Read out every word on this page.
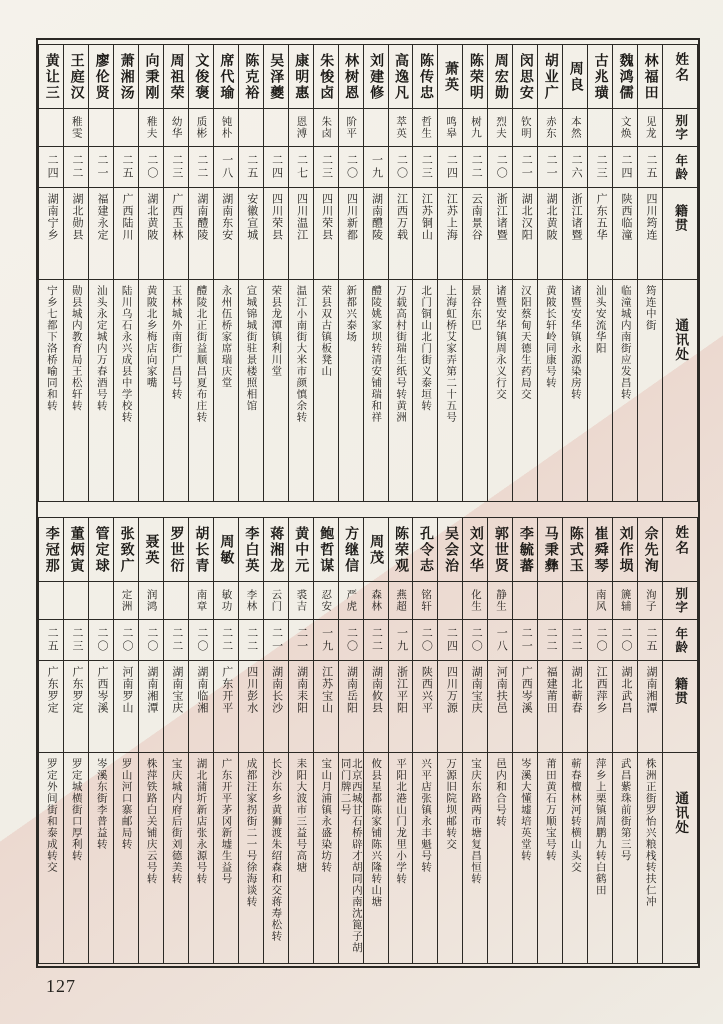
姓名
别字
年龄
籍贯
通讯处
林福田
见龙
二五
四川筠连
筠连中街
魏鸿儒
文焕
二四
陕西临潼
临潼城内南街应发昌转
古兆璜
二三
广东五华
汕头安流华阳
周良
本然
二六
浙江诸暨
诸暨安华镇永源染房转
胡业广
赤东
二一
湖北黄陂
黄陂长轩岭同康号转
闵思安
钦明
二一
湖北汉阳
汉阳蔡甸天德生药局交
周宏勋
烈夫
二〇
浙江诸暨
诸暨安华镇周永义行交
陈荣明
树九
二二
云南景谷
景谷东巴
萧英
鸣皋
二四
江苏上海
上海虹桥艾家弄第二十五号
陈传忠
哲生
二三
江苏铜山
北门铜山北门街义泰垣转
高逸凡
萃英
二〇
江西万载
万载高村街瑞生纸号转黄洲
刘建修
一九
湖南醴陵
醴陵姚家坝转清安铺瑞和祥
林树恩
阶平
二〇
四川新都
新都兴泰场
朱悛卤
朱卤
二三
四川荣县
荣县双古镇板凳山
康明惠
恩溥
二七
四川温江
温江小南街大米市颜慎余转
吴泽夔
二四
四川荣县
荣县龙潭镇利川堂
陈克裕
二五
安徽宣城
宣城锦城街驻景楼照相馆
席代瑜
钝朴
一八
湖南东安
永州伍桥家席瑞庆堂
文俊褒
质彬
二二
湖南醴陵
醴陵北正街益顺昌夏布庄转
周祖荣
幼华
二三
广西玉林
玉林城外南街广昌号转
向秉刚
稚夫
二〇
湖北黄陂
黄陂北乡梅店向家嘴
萧湘汤
二五
广西陆川
陆川乌石永兴成县中学校转
廖伦贤
二一
福建永定
汕头永定城内万春酒号转
王庭汉
稚雯
二二
湖北勋县
勋县城内教育局王松轩转
黄让三
二四
湖南宁乡
宁乡七都下洛桥喻同和转
姓名
别字
年龄
籍贯
通讯处
佘先洵
洵子
二五
湖南湘潭
株洲正街罗怡兴粮栈转扶仁冲
刘作埙
篪辅
二〇
湖北武昌
武昌紫珠前街第三号
崔舜琴
南风
二〇
江西萍乡
萍乡上栗镇周鹏九转白鹤田
陈式玉
二二
湖北蕲春
蕲春檀林河转横山头交
马秉彝
二二
福建莆田
莆田黄石万顺宝号转
李毓蕃
二一
广西岑溪
岑溪大懂墟培英堂转
郭世贤
静生
一八
河南扶邑
邑内和合号转
刘文华
化生
二〇
湖南宝庆
宝庆东路两市塘复昌恒转
吴会治
二四
四川万源
万源旧院坝邮转交
孔令志
铭轩
二〇
陕西兴平
兴平店张镇永丰魁号转
陈荣观
燕超
一九
浙江平阳
平阳北港山门龙里小学转
周茂
森林
二二
湖南攸县
攸县星都陈家铺陈兴隆转山塘
方继信
严虎
二〇
湖南岳阳
北京西城甘石桥辟才胡同内南沈篦子胡同门牌二号
鲍哲谋
忍安
一九
江苏宝山
宝山月浦镇永盛染坊转
黄中元
裘吉
二一
湖南耒阳
耒阳大波市三益号高塘
蒋湘龙
云门
二一
湖南长沙
长沙东乡黄狮渡朱绍森和交蒋寿松转
李白英
李林
二二
四川彭水
成都汪家拐街二一号徐海谈转
周敏
敏功
二二
广东开平
广东开平茅冈新墟生益号
胡长青
南章
二〇
湖南临湘
湖北蒲圻新店张永源号转
罗世衍
二二
湖南宝庆
宝庆城内府后街刘德美转
聂英
润鸿
二〇
湖南湘潭
株萍铁路白关铺庆云号转
张致广
定洲
二〇
河南罗山
罗山河口寨邮局转
管定球
二〇
广西岑溪
岑溪东街李普益转
董炳寅
二三
广东罗定
罗定城横街口厚利转
李冠那
二五
广东罗定
罗定外间街和泰成转交
127
